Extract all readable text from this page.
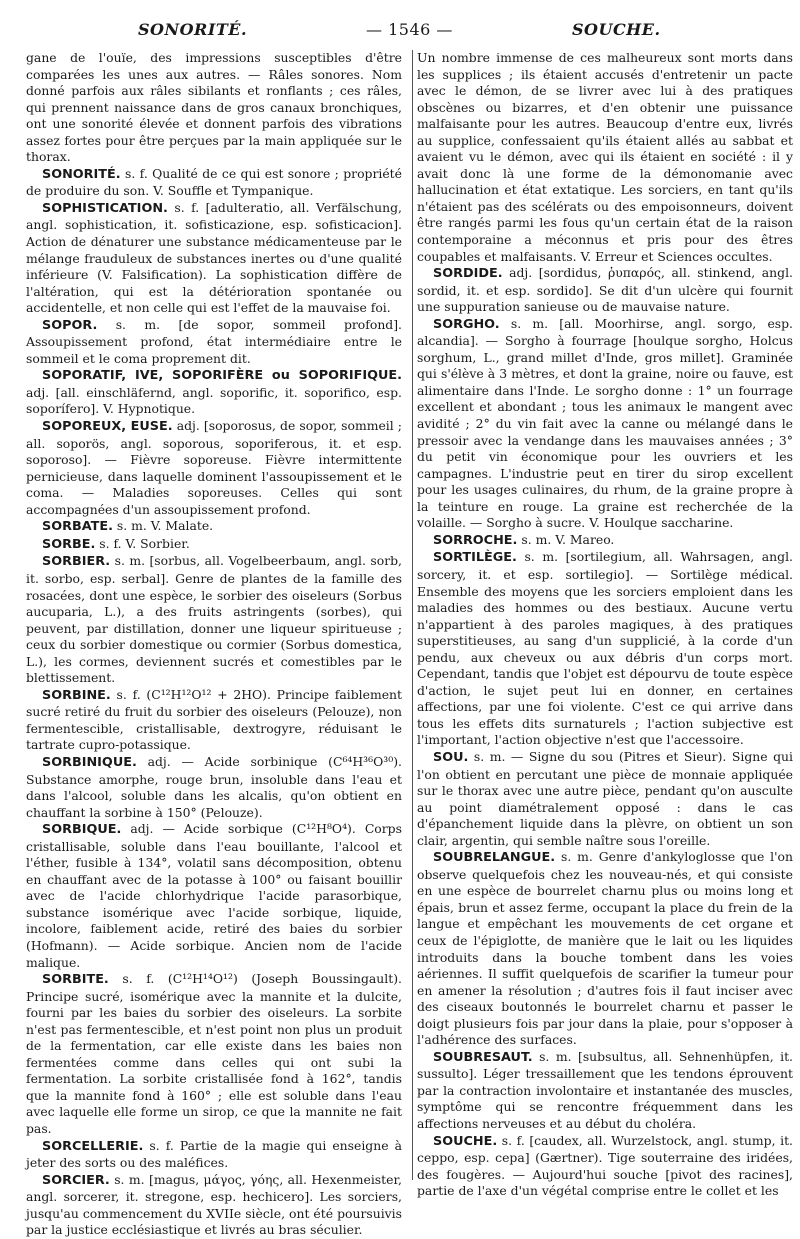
SONORITÉ.	— 1546 —	SOUCHE.

gane de l'ouïe, des impressions susceptibles d'être comparées les unes aux autres. — Râles sonores. Nom donné parfois aux râles sibilants et ronflants ; ces râles, qui prennent naissance dans de gros canaux bronchiques, ont une sonorité élevée et donnent parfois des vibrations assez fortes pour être perçues par la main appliquée sur le thorax.

SONORITÉ. s. f. Qualité de ce qui est sonore ; propriété de produire du son. V. Souffle et Tympanique.

SOPHISTICATION. s. f. [adulteratio, all. Verfälschung, angl. sophistication, it. sofisticazione, esp. sofisticacion]. Action de dénaturer une substance médicamenteuse par le mélange frauduleux de substances inertes ou d'une qualité inférieure (V. Falsification). La sophistication diffère de l'altération, qui est la détérioration spontanée ou accidentelle, et non celle qui est l'effet de la mauvaise foi.

SOPOR. s. m. [de sopor, sommeil profond]. Assoupissement profond, état intermédiaire entre le sommeil et le coma proprement dit.

SOPORATIF, IVE, SOPORIFÈRE ou SOPORIFIQUE. adj. [all. einschläfernd, angl. soporific, it. soporifico, esp. soporífero]. V. Hypnotique.

SOPOREUX, EUSE. adj. [soporosus, de sopor, sommeil ; all. soporös, angl. soporous, soporiferous, it. et esp. soporoso]. — Fièvre soporeuse. Fièvre intermittente pernicieuse, dans laquelle dominent l'assoupissement et le coma. — Maladies soporeuses. Celles qui sont accompagnées d'un assoupissement profond.

SORBATE. s. m. V. Malate.

SORBE. s. f. V. Sorbier.

SORBIER. s. m. [sorbus, all. Vogelbeerbaum, angl. sorb, it. sorbo, esp. serbal]. Genre de plantes de la famille des rosacées, dont une espèce, le sorbier des oiseleurs (Sorbus aucuparia, L.), a des fruits astringents (sorbes), qui peuvent, par distillation, donner une liqueur spiritueuse ; ceux du sorbier domestique ou cormier (Sorbus domestica, L.), les cormes, deviennent sucrés et comestibles par le blettissement.

SORBINE. s. f. (C¹²H¹²O¹² + 2HO). Principe faiblement sucré retiré du fruit du sorbier des oiseleurs (Pelouze), non fermentescible, cristallisable, dextrogyre, réduisant le tartrate cupro-potassique.

SORBINIQUE. adj. — Acide sorbinique (C⁶⁴H³⁶O³⁰). Substance amorphe, rouge brun, insoluble dans l'eau et dans l'alcool, soluble dans les alcalis, qu'on obtient en chauffant la sorbine à 150° (Pelouze).

SORBIQUE. adj. — Acide sorbique (C¹²H⁸O⁴). Corps cristallisable, soluble dans l'eau bouillante, l'alcool et l'éther, fusible à 134°, volatil sans décomposition, obtenu en chauffant avec de la potasse à 100° ou faisant bouillir avec de l'acide chlorhydrique l'acide parasorbique, substance isomérique avec l'acide sorbique, liquide, incolore, faiblement acide, retiré des baies du sorbier (Hofmann). — Acide sorbique. Ancien nom de l'acide malique.

SORBITE. s. f. (C¹²H¹⁴O¹²) (Joseph Boussingault). Principe sucré, isomérique avec la mannite et la dulcite, fourni par les baies du sorbier des oiseleurs. La sorbite n'est pas fermentescible, et n'est point non plus un produit de la fermentation, car elle existe dans les baies non fermentées comme dans celles qui ont subi la fermentation. La sorbite cristallisée fond à 162°, tandis que la mannite fond à 160° ; elle est soluble dans l'eau avec laquelle elle forme un sirop, ce que la mannite ne fait pas.

SORCELLERIE. s. f. Partie de la magie qui enseigne à jeter des sorts ou des maléfices.

SORCIER. s. m. [magus, μάγος, γόης, all. Hexenmeister, angl. sorcerer, it. stregone, esp. hechicero]. Les sorciers, jusqu'au commencement du XVIIe siècle, ont été poursuivis par la justice ecclésiastique et livrés au bras séculier.

Un nombre immense de ces malheureux sont morts dans les supplices ; ils étaient accusés d'entretenir un pacte avec le démon, de se livrer avec lui à des pratiques obscènes ou bizarres, et d'en obtenir une puissance malfaisante pour les autres. Beaucoup d'entre eux, livrés au supplice, confessaient qu'ils étaient allés au sabbat et avaient vu le démon, avec qui ils étaient en société : il y avait donc là une forme de la démonomanie avec hallucination et état extatique. Les sorciers, en tant qu'ils n'étaient pas des scélérats ou des empoisonneurs, doivent être rangés parmi les fous qu'un certain état de la raison contemporaine a méconnus et pris pour des êtres coupables et malfaisants. V. Erreur et Sciences occultes.

SORDIDE. adj. [sordidus, ῥυπαρός, all. stinkend, angl. sordid, it. et esp. sordido]. Se dit d'un ulcère qui fournit une suppuration sanieuse ou de mauvaise nature.

SORGHO. s. m. [all. Moorhirse, angl. sorgo, esp. alcandia]. — Sorgho à fourrage [houlque sorgho, Holcus sorghum, L., grand millet d'Inde, gros millet]. Graminée qui s'élève à 3 mètres, et dont la graine, noire ou fauve, est alimentaire dans l'Inde. Le sorgho donne : 1° un fourrage excellent et abondant ; tous les animaux le mangent avec avidité ; 2° du vin fait avec la canne ou mélangé dans le pressoir avec la vendange dans les mauvaises années ; 3° du petit vin économique pour les ouvriers et les campagnes. L'industrie peut en tirer du sirop excellent pour les usages culinaires, du rhum, de la graine propre à la teinture en rouge. La graine est recherchée de la volaille. — Sorgho à sucre. V. Houlque saccharine.

SORROCHE. s. m. V. Mareo.

SORTILÈGE. s. m. [sortilegium, all. Wahrsagen, angl. sorcery, it. et esp. sortilegio]. — Sortilège médical. Ensemble des moyens que les sorciers emploient dans les maladies des hommes ou des bestiaux. Aucune vertu n'appartient à des paroles magiques, à des pratiques superstitieuses, au sang d'un supplicié, à la corde d'un pendu, aux cheveux ou aux débris d'un corps mort. Cependant, tandis que l'objet est dépourvu de toute espèce d'action, le sujet peut lui en donner, en certaines affections, par une foi violente. C'est ce qui arrive dans tous les effets dits surnaturels ; l'action subjective est l'important, l'action objective n'est que l'accessoire.

SOU. s. m. — Signe du sou (Pitres et Sieur). Signe qui l'on obtient en percutant une pièce de monnaie appliquée sur le thorax avec une autre pièce, pendant qu'on ausculte au point diamétralement opposé : dans le cas d'épanchement liquide dans la plèvre, on obtient un son clair, argentin, qui semble naître sous l'oreille.

SOUBRELANGUE. s. m. Genre d'ankyloglosse que l'on observe quelquefois chez les nouveau-nés, et qui consiste en une espèce de bourrelet charnu plus ou moins long et épais, brun et assez ferme, occupant la place du frein de la langue et empêchant les mouvements de cet organe et ceux de l'épiglotte, de manière que le lait ou les liquides introduits dans la bouche tombent dans les voies aériennes. Il suffit quelquefois de scarifier la tumeur pour en amener la résolution ; d'autres fois il faut inciser avec des ciseaux boutonnés le bourrelet charnu et passer le doigt plusieurs fois par jour dans la plaie, pour s'opposer à l'adhérence des surfaces.

SOUBRESAUT. s. m. [subsultus, all. Sehnenhüpfen, it. sussulto]. Léger tressaillement que les tendons éprouvent par la contraction involontaire et instantanée des muscles, symptôme qui se rencontre fréquemment dans les affections nerveuses et au début du choléra.

SOUCHE. s. f. [caudex, all. Wurzelstock, angl. stump, it. ceppo, esp. cepa] (Gærtner). Tige souterraine des iridées, des fougères. — Aujourd'hui souche [pivot des racines], partie de l'axe d'un végétal comprise entre le collet et les
